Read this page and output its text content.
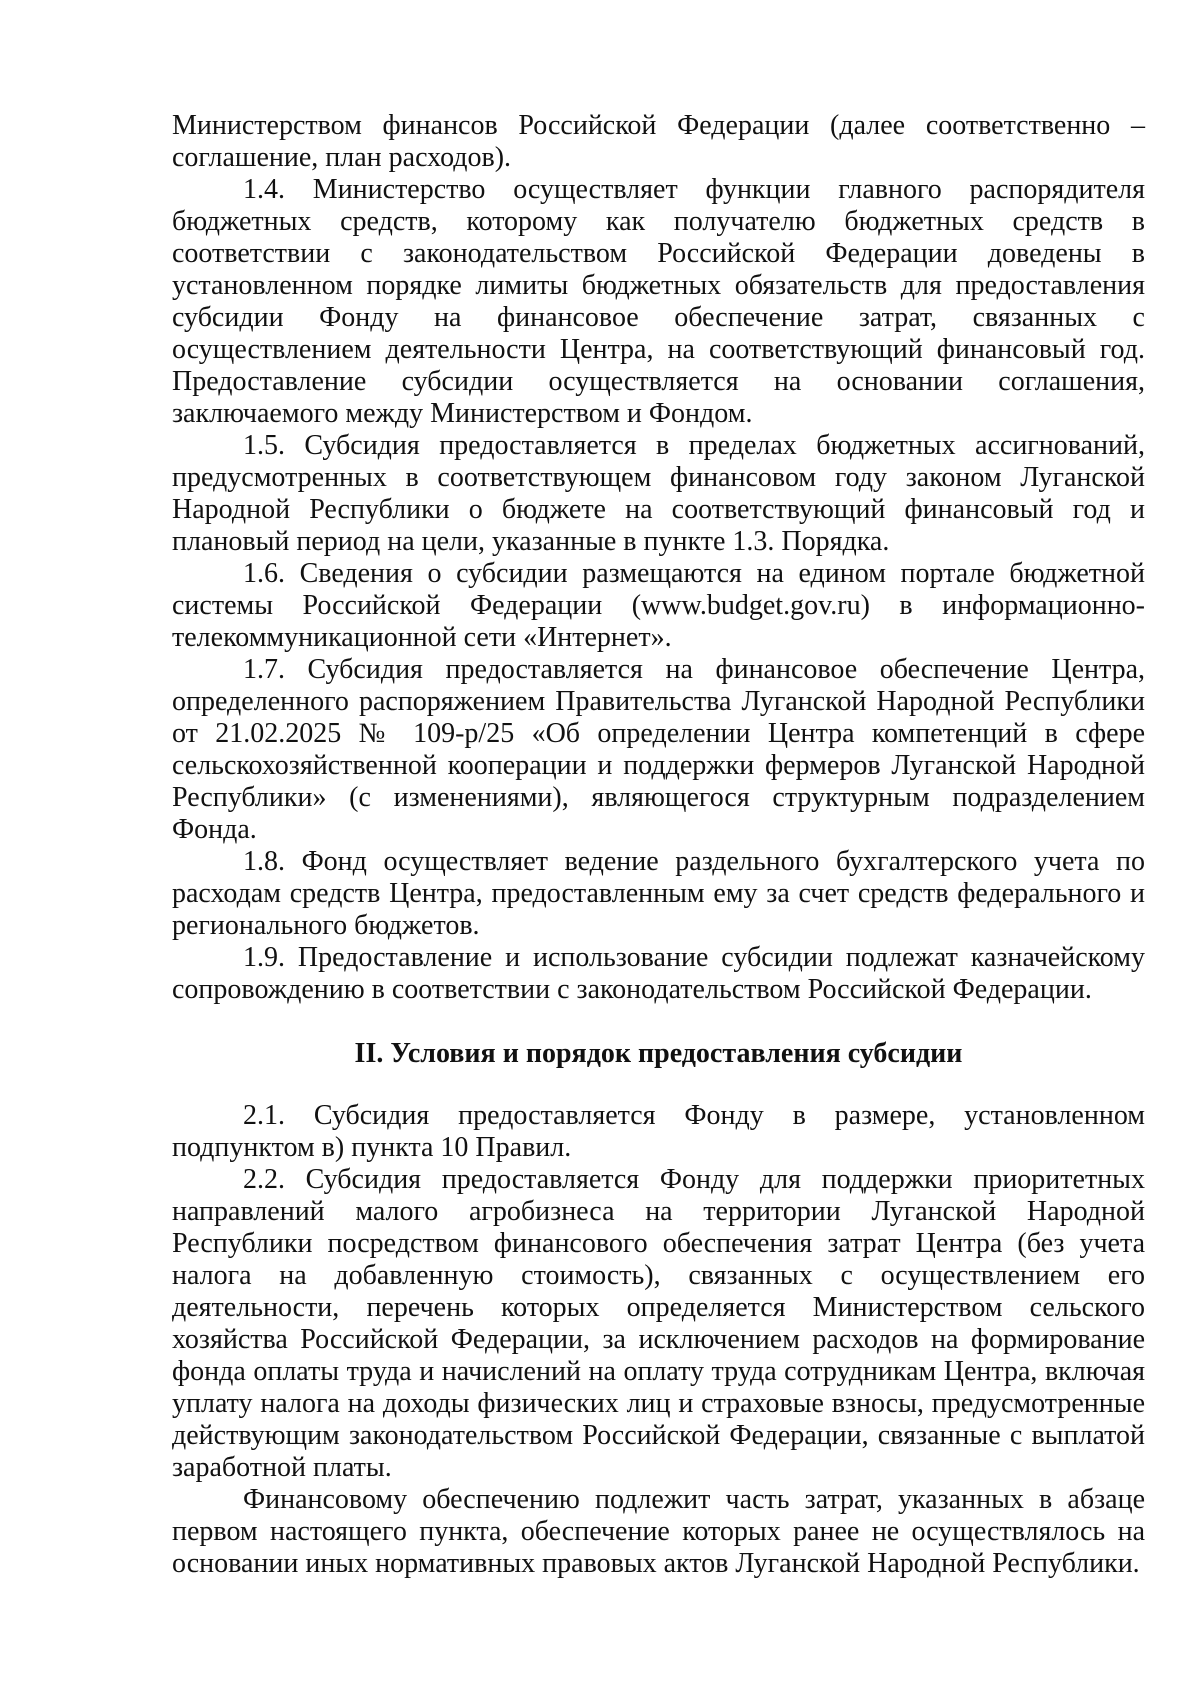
Министерством финансов Российской Федерации (далее соответственно – соглашение, план расходов).

1.4. Министерство осуществляет функции главного распорядителя бюджетных средств, которому как получателю бюджетных средств в соответствии с законодательством Российской Федерации доведены в установленном порядке лимиты бюджетных обязательств для предоставления субсидии Фонду на финансовое обеспечение затрат, связанных с осуществлением деятельности Центра, на соответствующий финансовый год. Предоставление субсидии осуществляется на основании соглашения, заключаемого между Министерством и Фондом.

1.5. Субсидия предоставляется в пределах бюджетных ассигнований, предусмотренных в соответствующем финансовом году законом Луганской Народной Республики о бюджете на соответствующий финансовый год и плановый период на цели, указанные в пункте 1.3. Порядка.

1.6. Сведения о субсидии размещаются на едином портале бюджетной системы Российской Федерации (www.budget.gov.ru) в информационно-телекоммуникационной сети «Интернет».

1.7. Субсидия предоставляется на финансовое обеспечение Центра, определенного распоряжением Правительства Луганской Народной Республики от 21.02.2025 № 109-р/25 «Об определении Центра компетенций в сфере сельскохозяйственной кооперации и поддержки фермеров Луганской Народной Республики» (с изменениями), являющегося структурным подразделением Фонда.

1.8. Фонд осуществляет ведение раздельного бухгалтерского учета по расходам средств Центра, предоставленным ему за счет средств федерального и регионального бюджетов.

1.9. Предоставление и использование субсидии подлежат казначейскому сопровождению в соответствии с законодательством Российской Федерации.

II. Условия и порядок предоставления субсидии

2.1. Субсидия предоставляется Фонду в размере, установленном подпунктом в) пункта 10 Правил.

2.2. Субсидия предоставляется Фонду для поддержки приоритетных направлений малого агробизнеса на территории Луганской Народной Республики посредством финансового обеспечения затрат Центра (без учета налога на добавленную стоимость), связанных с осуществлением его деятельности, перечень которых определяется Министерством сельского хозяйства Российской Федерации, за исключением расходов на формирование фонда оплаты труда и начислений на оплату труда сотрудникам Центра, включая уплату налога на доходы физических лиц и страховые взносы, предусмотренные действующим законодательством Российской Федерации, связанные с выплатой заработной платы.

Финансовому обеспечению подлежит часть затрат, указанных в абзаце первом настоящего пункта, обеспечение которых ранее не осуществлялось на основании иных нормативных правовых актов Луганской Народной Республики.
